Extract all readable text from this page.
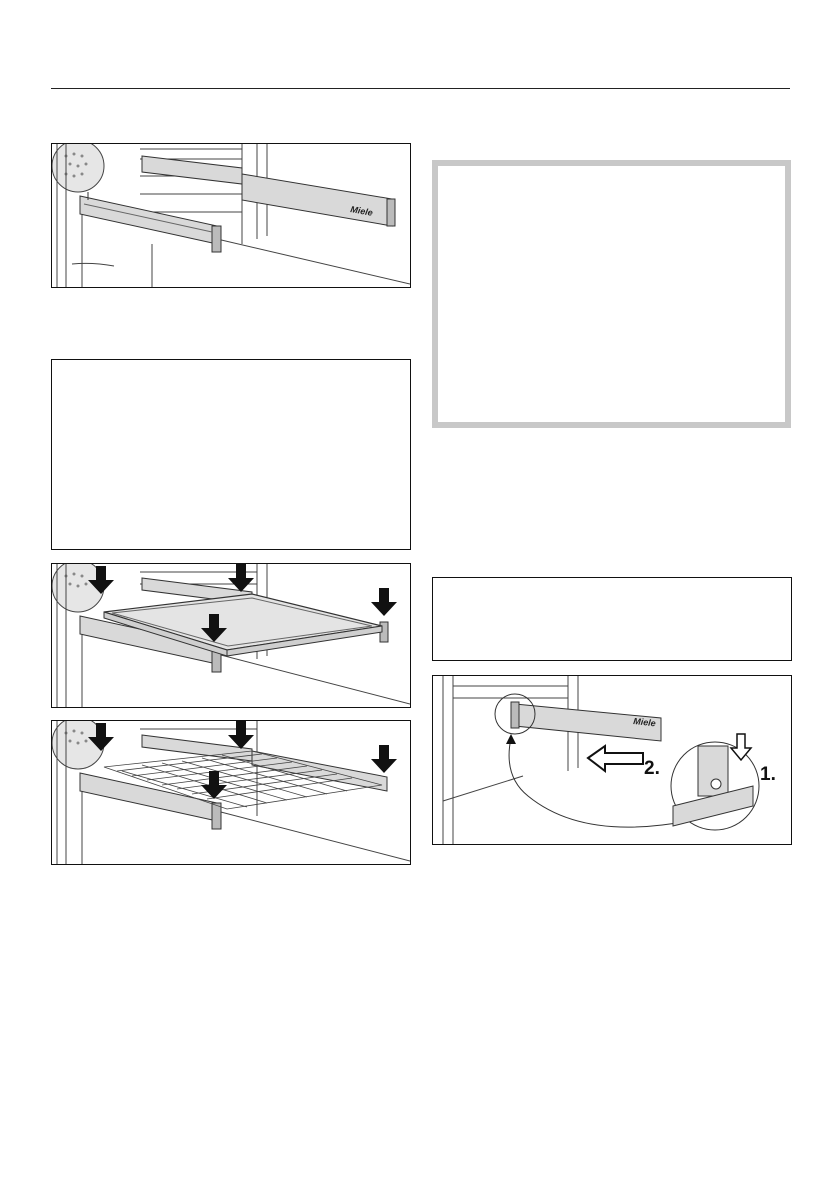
Miele
Miele
1.
2.
